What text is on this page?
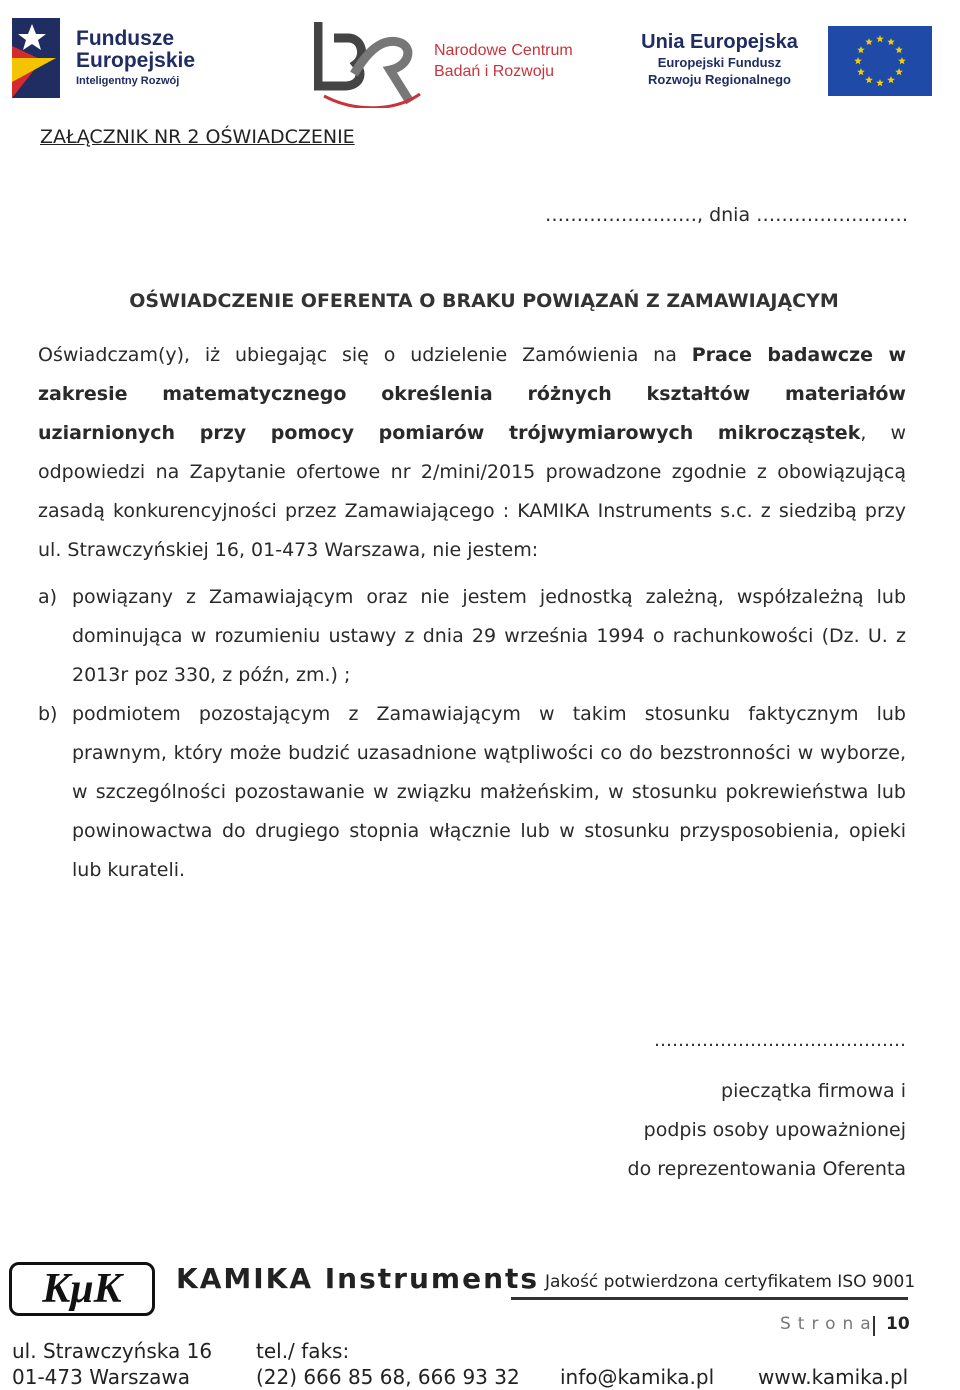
Fundusze
Europejskie
Inteligentny Rozwój
Narodowe Centrum
Badań i Rozwoju
Unia Europejska
Europejski Fundusz
Rozwoju Regionalnego
ZAŁĄCZNIK NR 2 OŚWIADCZENIE
……………………, dnia ……………………
OŚWIADCZENIE OFERENTA O BRAKU POWIĄZAŃ Z ZAMAWIAJĄCYM
Oświadczam(y), iż ubiegając się o udzielenie Zamówienia na Prace badawcze w zakresie matematycznego określenia różnych kształtów materiałów uziarnionych przy pomocy pomiarów trójwymiarowych mikrocząstek, w odpowiedzi na Zapytanie ofertowe nr 2/mini/2015 prowadzone zgodnie z obowiązującą zasadą konkurencyjności przez Zamawiającego : KAMIKA Instruments s.c. z siedzibą przy ul. Strawczyńskiej 16, 01-473 Warszawa, nie jestem:
a) powiązany z Zamawiającym oraz nie jestem jednostką zależną, współzależną lub dominująca w rozumieniu ustawy z dnia 29 września 1994 o rachunkowości (Dz. U. z 2013r poz 330, z późn, zm.) ;
b) podmiotem pozostającym z Zamawiającym w takim stosunku faktycznym lub prawnym, który może budzić uzasadnione wątpliwości co do bezstronności w wyborze, w szczególności pozostawanie w związku małżeńskim, w stosunku pokrewieństwa lub powinowactwa do drugiego stopnia włącznie lub w stosunku przysposobienia, opieki lub kurateli.
……………………………………
pieczątka firmowa i
podpis osoby upoważnionej
do reprezentowania Oferenta
KμK	KAMIKA Instruments Jakość potwierdzona certyfikatem ISO 9001
Strona 10
ul. Strawczyńska 16
01-473 Warszawa
tel./ faks:
(22) 666 85 68, 666 93 32 info@kamika.pl www.kamika.pl
